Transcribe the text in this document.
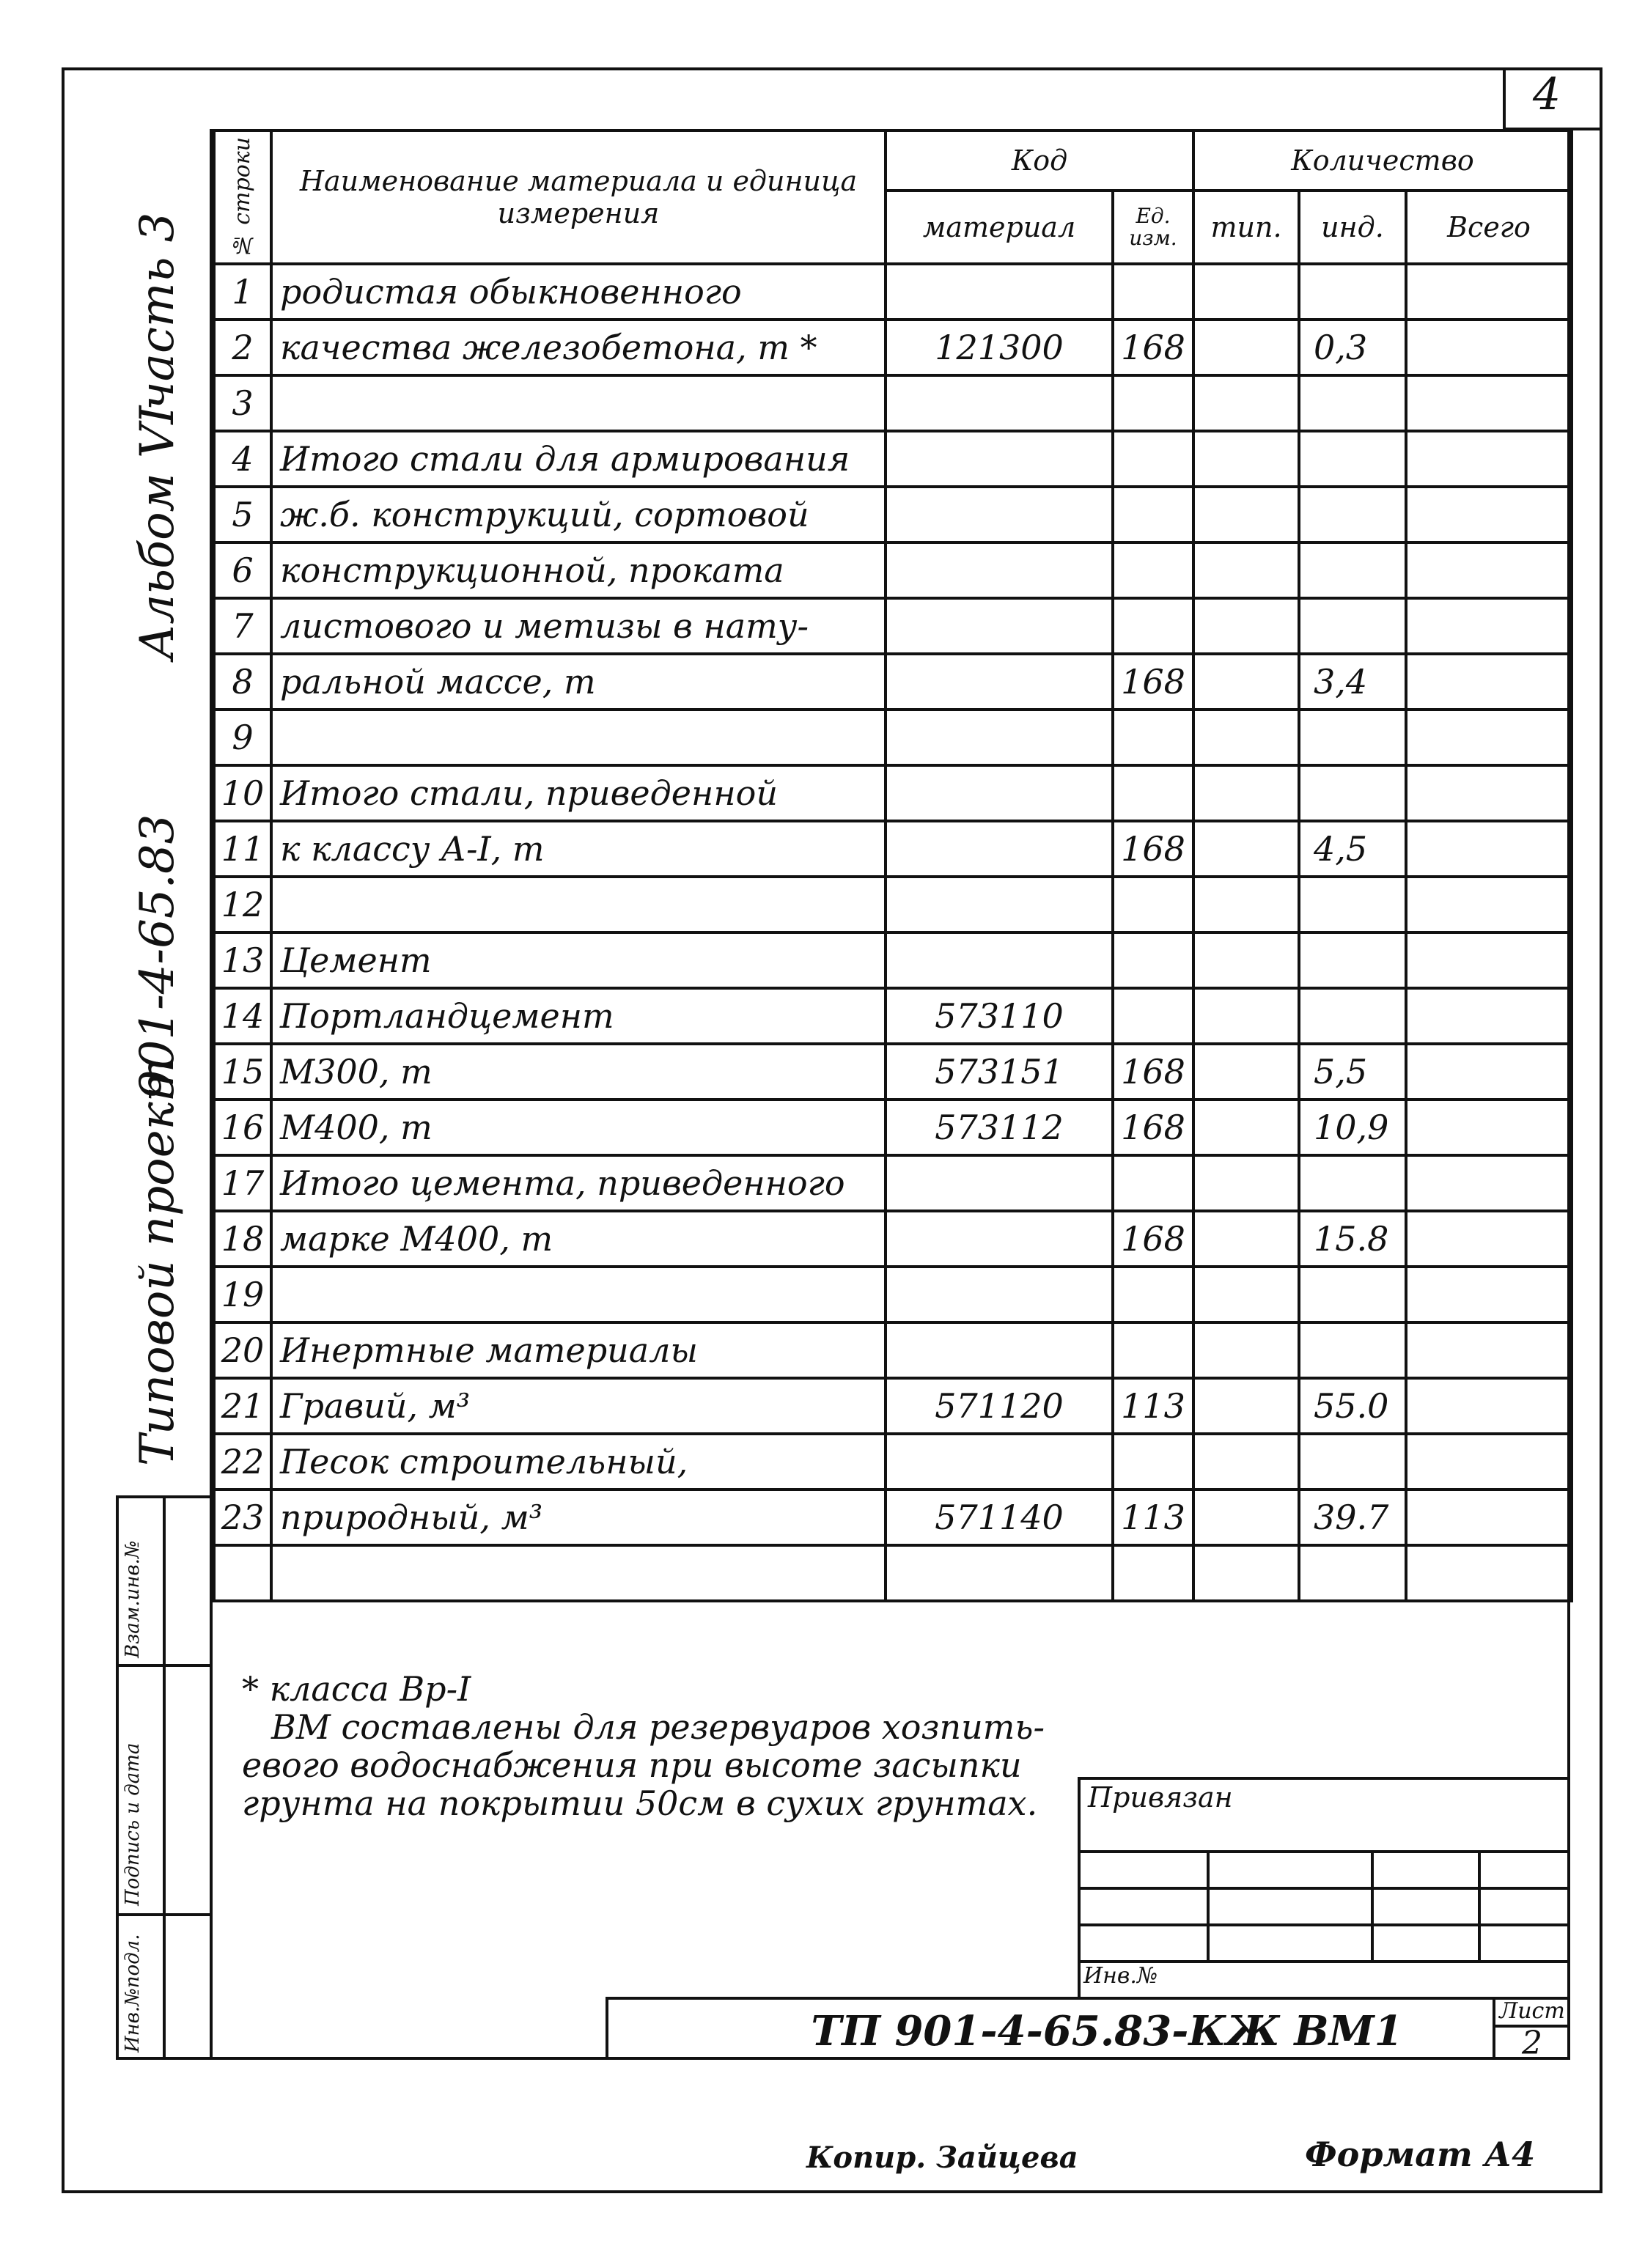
4
Типовой
проект
901-4-65.83
Альбом VI
часть 3
Инв.№подл.
Подпись и дата
Взам.инв.№
№ строки	Наименование материала и единица измерения	Код		Количество		
		материал	Ед. изм.	тип.	инд.	Всего
1	родистая обыкновенного					
2	качества железобетона, т *	121300	168		0,3	
3						
4	Итого стали для армирования					
5	ж.б. конструкций, сортовой					
6	конструкционной, проката					
7	листового и метизы в нату-					
8	ральной массе, т		168		3,4	
9						
10	Итого стали, приведенной					
11	к классу А-I, т		168		4,5	
12						
13	Цемент					
14	Портландцемент	573110				
15	М300, т	573151	168		5,5	
16	М400, т	573112	168		10,9	
17	Итого цемента, приведенного					
18	марке М400, т		168		15.8	
19						
20	Инертные материалы					
21	Гравий, м³	571120	113		55.0	
22	Песок строительный,					
23	природный, м³	571140	113		39.7	

* класса Вр-I

ВМ составлены для резервуаров хозпить-

евого водоснабжения при высоте засыпки

грунта на покрытии 50см в сухих грунтах. Привязан
Инв.№
ТП 901-4-65.83-КЖ ВМ1	Лист
2
Копир. Зайцева	Формат А4
